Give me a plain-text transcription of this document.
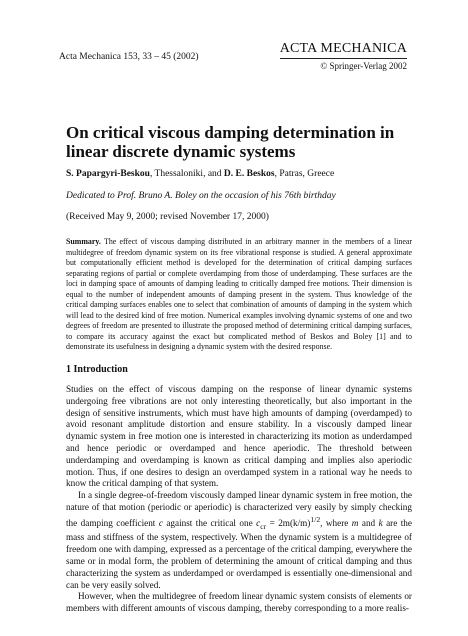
Acta Mechanica 153, 33 – 45 (2002)
ACTA MECHANICA
© Springer-Verlag 2002
On critical viscous damping determination in linear discrete dynamic systems
S. Papargyri-Beskou, Thessaloniki, and D. E. Beskos, Patras, Greece
Dedicated to Prof. Bruno A. Boley on the occasion of his 76th birthday
(Received May 9, 2000; revised November 17, 2000)
Summary. The effect of viscous damping distributed in an arbitrary manner in the members of a linear multidegree of freedom dynamic system on its free vibrational response is studied. A general approximate but computationally efficient method is developed for the determination of critical damping surfaces separating regions of partial or complete overdamping from those of underdamping. These surfaces are the loci in damping space of amounts of damping leading to critically damped free motions. Their dimension is equal to the number of independent amounts of damping present in the system. Thus knowledge of the critical damping surfaces enables one to select that combination of amounts of damping in the system which will lead to the desired kind of free motion. Numerical examples involving dynamic systems of one and two degrees of freedom are presented to illustrate the proposed method of determining critical damping surfaces, to compare its accuracy against the exact but complicated method of Beskos and Boley [1] and to demonstrate its usefulness in designing a dynamic system with the desired response.
1 Introduction

Studies on the effect of viscous damping on the response of linear dynamic systems undergoing free vibrations are not only interesting theoretically, but also important in the design of sensitive instruments, which must have high amounts of damping (overdamped) to avoid resonant amplitude distortion and ensure stability. In a viscously damped linear dynamic system in free motion one is interested in characterizing its motion as underdamped and hence periodic or overdamped and hence aperiodic. The threshold between underdamping and overdamping is known as critical damping and implies also aperiodic motion. Thus, if one desires to design an overdamped system in a rational way he needs to know the critical damping of that system.

In a single degree-of-freedom viscously damped linear dynamic system in free motion, the nature of that motion (periodic or aperiodic) is characterized very easily by simply checking the damping coefficient c against the critical one $c_{cr} = 2m(k/m)^{1/2}$, where m and k are the mass and stiffness of the system, respectively. When the dynamic system is a multidegree of freedom one with damping, expressed as a percentage of the critical damping, everywhere the same or in modal form, the problem of determining the amount of critical damping and thus characterizing the system as underdamped or overdamped is essentially one-dimensional and can be very easily solved.

However, when the multidegree of freedom linear dynamic system consists of elements or members with different amounts of viscous damping, thereby corresponding to a more realis-
